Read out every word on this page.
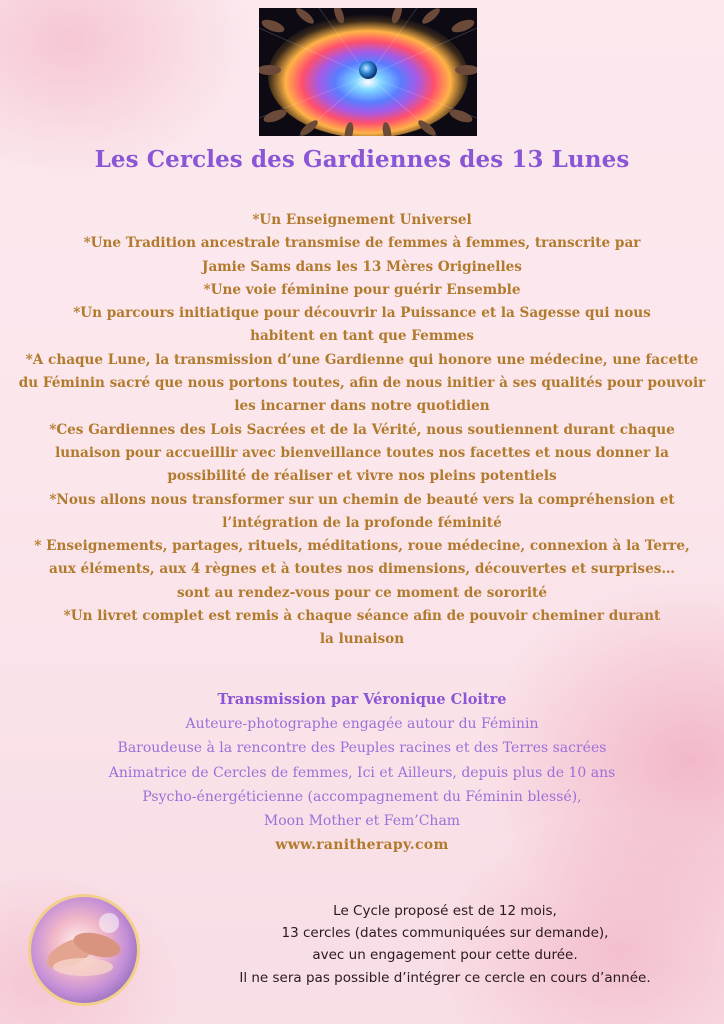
Les Cercles des Gardiennes des 13 Lunes

*Un Enseignement Universel

*Une Tradition ancestrale transmise de femmes à femmes, transcrite par

Jamie Sams dans les 13 Mères Originelles

*Une voie féminine pour guérir Ensemble

*Un parcours initiatique pour découvrir la Puissance et la Sagesse qui nous

habitent en tant que Femmes

*A chaque Lune, la transmission d’une Gardienne qui honore une médecine, une facette

du Féminin sacré que nous portons toutes, afin de nous initier à ses qualités pour pouvoir

les incarner dans notre quotidien

*Ces Gardiennes des Lois Sacrées et de la Vérité, nous soutiennent durant chaque

lunaison pour accueillir avec bienveillance toutes nos facettes et nous donner la

possibilité de réaliser et vivre nos pleins potentiels

*Nous allons nous transformer sur un chemin de beauté vers la compréhension et

l’intégration de la profonde féminité

* Enseignements, partages, rituels, méditations, roue médecine, connexion à la Terre,

aux éléments, aux 4 règnes et à toutes nos dimensions, découvertes et surprises…

sont au rendez-vous pour ce moment de sororité

*Un livret complet est remis à chaque séance afin de pouvoir cheminer durant

la lunaison

Transmission par Véronique Cloitre
Auteure-photographe engagée autour du Féminin
Baroudeuse à la rencontre des Peuples racines et des Terres sacrées
Animatrice de Cercles de femmes, Ici et Ailleurs, depuis plus de 10 ans
Psycho-énergéticienne (accompagnement du Féminin blessé),
Moon Mother et Fem’Cham
www.ranitherapy.com

Le Cycle proposé est de 12 mois,

13 cercles (dates communiquées sur demande),

avec un engagement pour cette durée.

Il ne sera pas possible d’intégrer ce cercle en cours d’année.
